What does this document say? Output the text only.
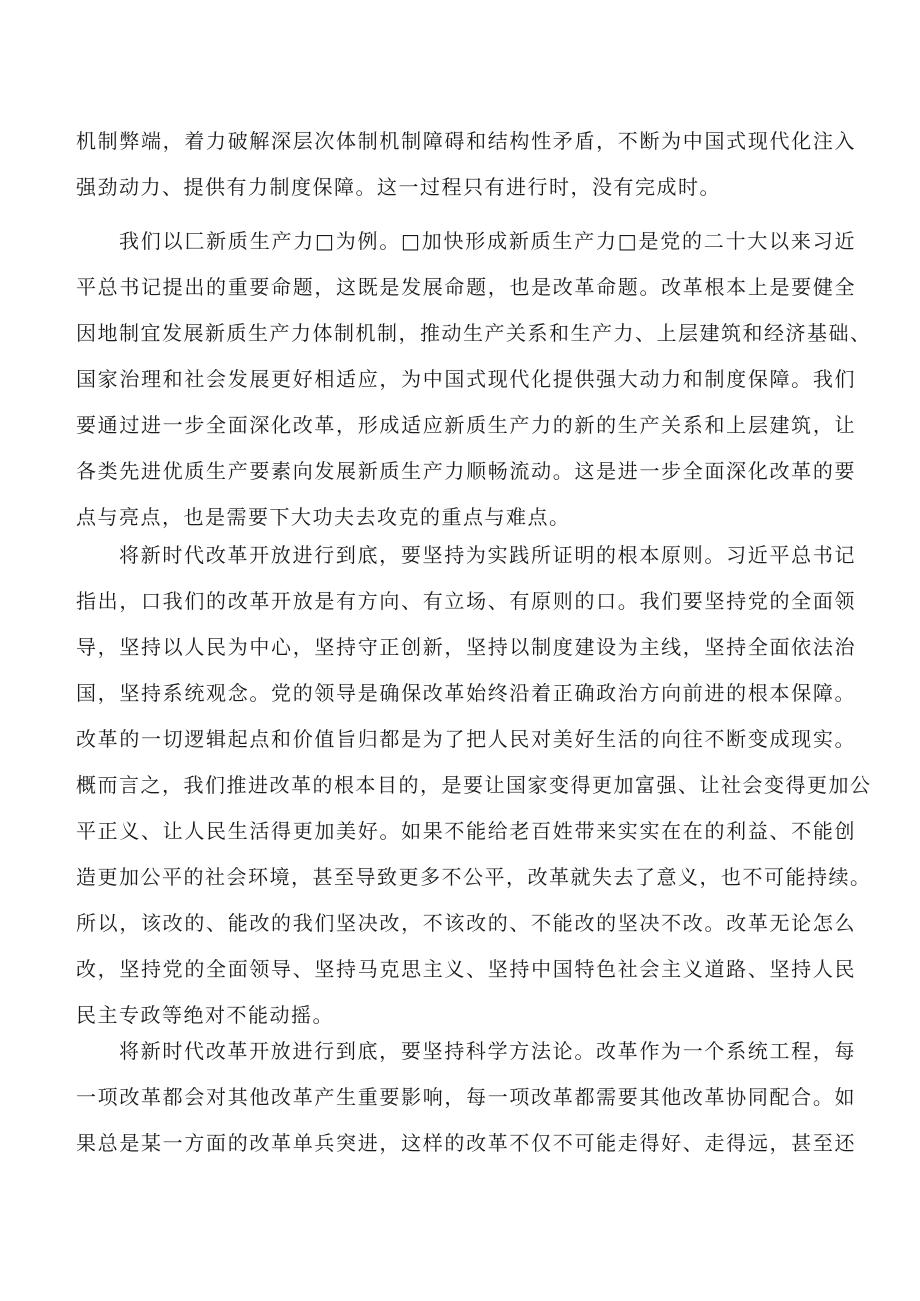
机制弊端，着力破解深层次体制机制障碍和结构性矛盾，不断为中国式现代化注入
强劲动力、提供有力制度保障。这一过程只有进行时，没有完成时。
我们以匚新质生产力□为例。□加快形成新质生产力□是党的二十大以来习近
平总书记提出的重要命题，这既是发展命题，也是改革命题。改革根本上是要健全
因地制宜发展新质生产力体制机制，推动生产关系和生产力、上层建筑和经济基础、
国家治理和社会发展更好相适应，为中国式现代化提供强大动力和制度保障。我们
要通过进一步全面深化改革，形成适应新质生产力的新的生产关系和上层建筑，让
各类先进优质生产要素向发展新质生产力顺畅流动。这是进一步全面深化改革的要
点与亮点，也是需要下大功夫去攻克的重点与难点。
将新时代改革开放进行到底，要坚持为实践所证明的根本原则。习近平总书记
指出，口我们的改革开放是有方向、有立场、有原则的口。我们要坚持党的全面领
导，坚持以人民为中心，坚持守正创新，坚持以制度建设为主线，坚持全面依法治
国，坚持系统观念。党的领导是确保改革始终沿着正确政治方向前进的根本保障。
改革的一切逻辑起点和价值旨归都是为了把人民对美好生活的向往不断变成现实。
概而言之，我们推进改革的根本目的，是要让国家变得更加富强、让社会变得更加公
平正义、让人民生活得更加美好。如果不能给老百姓带来实实在在的利益、不能创
造更加公平的社会环境，甚至导致更多不公平，改革就失去了意义，也不可能持续。
所以，该改的、能改的我们坚决改，不该改的、不能改的坚决不改。改革无论怎么
改，坚持党的全面领导、坚持马克思主义、坚持中国特色社会主义道路、坚持人民
民主专政等绝对不能动摇。
将新时代改革开放进行到底，要坚持科学方法论。改革作为一个系统工程，每
一项改革都会对其他改革产生重要影响，每一项改革都需要其他改革协同配合。如
果总是某一方面的改革单兵突进，这样的改革不仅不可能走得好、走得远，甚至还
